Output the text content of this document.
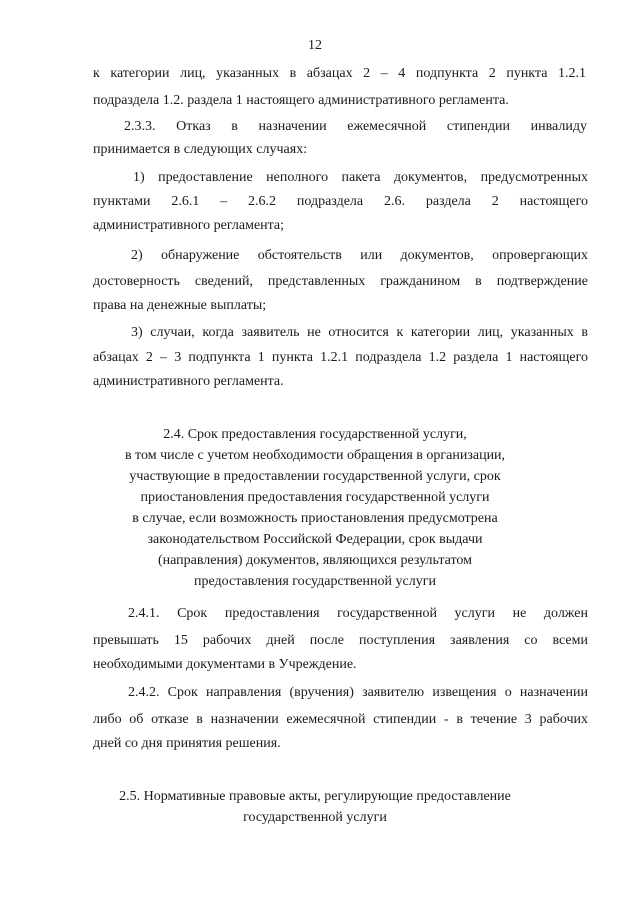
12
к категории лиц, указанных в абзацах 2 – 4 подпункта 2 пункта 1.2.1
подраздела 1.2. раздела 1 настоящего административного регламента.
2.3.3. Отказ в назначении ежемесячной стипендии инвалиду
принимается в следующих случаях:
1) предоставление неполного пакета документов, предусмотренных
пунктами 2.6.1 – 2.6.2 подраздела 2.6. раздела 2 настоящего
административного регламента;
2) обнаружение обстоятельств или документов, опровергающих
достоверность сведений, представленных гражданином в подтверждение
права на денежные выплаты;
3) случаи, когда заявитель не относится к категории лиц, указанных в
абзацах 2 – 3 подпункта 1 пункта 1.2.1 подраздела 1.2 раздела 1 настоящего
административного регламента.
2.4. Срок предоставления государственной услуги,
в том числе с учетом необходимости обращения в организации,
участвующие в предоставлении государственной услуги, срок
приостановления предоставления государственной услуги
в случае, если возможность приостановления предусмотрена
законодательством Российской Федерации, срок выдачи
(направления) документов, являющихся результатом
предоставления государственной услуги
2.4.1. Срок предоставления государственной услуги не должен
превышать 15 рабочих дней после поступления заявления со всеми
необходимыми документами в Учреждение.
2.4.2. Срок направления (вручения) заявителю извещения о назначении
либо об отказе в назначении ежемесячной стипендии - в течение 3 рабочих
дней со дня принятия решения.
2.5. Нормативные правовые акты, регулирующие предоставление
государственной услуги
